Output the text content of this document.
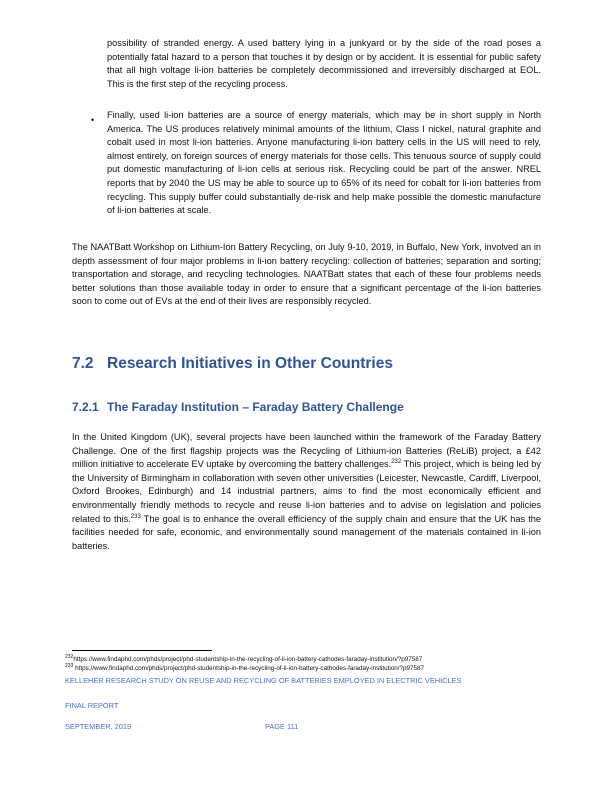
possibility of stranded energy. A used battery lying in a junkyard or by the side of the road poses a potentially fatal hazard to a person that touches it by design or by accident. It is essential for public safety that all high voltage li-ion batteries be completely decommissioned and irreversibly discharged at EOL. This is the first step of the recycling process.

• Finally, used li-ion batteries are a source of energy materials, which may be in short supply in North America. The US produces relatively minimal amounts of the lithium, Class I nickel, natural graphite and cobalt used in most li-ion batteries. Anyone manufacturing li-ion battery cells in the US will need to rely, almost entirely, on foreign sources of energy materials for those cells. This tenuous source of supply could put domestic manufacturing of li-ion cells at serious risk. Recycling could be part of the answer. NREL reports that by 2040 the US may be able to source up to 65% of its need for cobalt for li-ion batteries from recycling. This supply buffer could substantially de-risk and help make possible the domestic manufacture of li-ion batteries at scale.

The NAATBatt Workshop on Lithium-Ion Battery Recycling, on July 9-10, 2019, in Buffalo, New York, involved an in depth assessment of four major problems in li-ion battery recycling: collection of batteries; separation and sorting; transportation and storage, and recycling technologies. NAATBatt states that each of these four problems needs better solutions than those available today in order to ensure that a significant percentage of the li-ion batteries soon to come out of EVs at the end of their lives are responsibly recycled.

7.2 Research Initiatives in Other Countries
7.2.1 The Faraday Institution – Faraday Battery Challenge

In the United Kingdom (UK), several projects have been launched within the framework of the Faraday Battery Challenge. One of the first flagship projects was the Recycling of Lithium-ion Batteries (ReLiB) project, a £42 million initiative to accelerate EV uptake by overcoming the battery challenges.$^{232}$ This project, which is being led by the University of Birmingham in collaboration with seven other universities (Leicester, Newcastle, Cardiff, Liverpool, Oxford Brookes, Edinburgh) and 14 industrial partners, aims to find the most economically efficient and environmentally friendly methods to recycle and reuse li-ion batteries and to advise on legislation and policies related to this.$^{233}$ The goal is to enhance the overall efficiency of the supply chain and ensure that the UK has the facilities needed for safe, economic, and environmentally sound management of the materials contained in li-ion batteries.

$^{232}$https://www.findaphd.com/phds/project/phd-studentship-in-the-recycling-of-li-ion-battery-cathodes-faraday-institution/?p97587

$^{233}$ https://www.findaphd.com/phds/project/phd-studentship-in-the-recycling-of-li-ion-battery-cathodes-faraday-institution/?p97587

KELLEHER RESEARCH STUDY ON REUSE AND RECYCLING OF BATTERIES EMPLOYED IN ELECTRIC VEHICLES

FINAL REPORT

SEPTEMBER, 2019	PAGE 111
